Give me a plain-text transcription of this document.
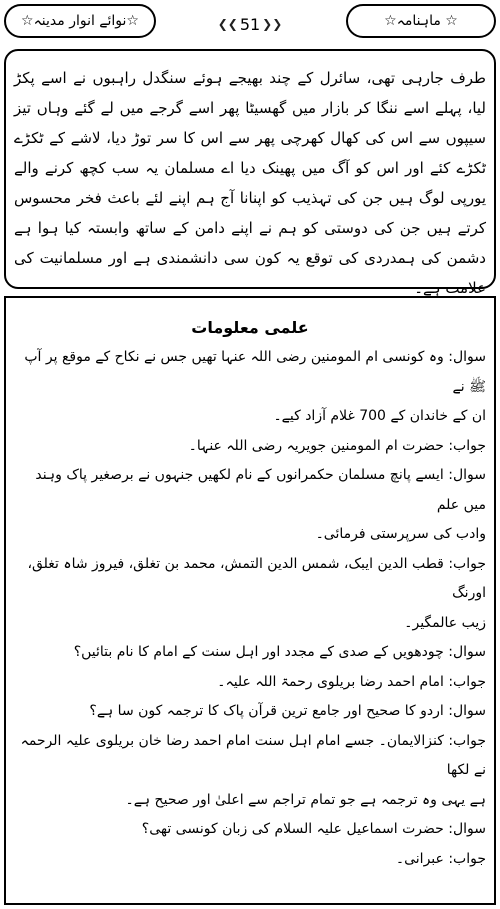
☆نوائے انوار مدینہ☆	❮❮ 51 ❯❯	☆ ماہنامہ☆

طرف جارہی تھی، سائرل کے چند بھیجے ہوئے سنگدل راہبوں نے اسے پکڑ لیا، پہلے اسے ننگا کر بازار میں گھسیٹا پھر اسے گرجے میں لے گئے وہاں تیز سیپوں سے اس کی کھال کھرچی پھر سے اس کا سر توڑ دیا، لاشے کے ٹکڑے ٹکڑے کئے اور اس کو آگ میں پھینک دیا اے مسلمان یہ سب کچھ کرنے والے یورپی لوگ ہیں جن کی تہذیب کو اپنانا آج ہم اپنے لئے باعث فخر محسوس کرتے ہیں جن کی دوستی کو ہم نے اپنے دامن کے ساتھ وابستہ کیا ہوا ہے دشمن کی ہمدردی کی توقع یہ کون سی دانشمندی ہے اور مسلمانیت کی علامت ہے۔

علمی معلومات

سوال: وہ کونسی ام المومنین رضی اللہ عنہا تھیں جس نے نکاح کے موقع پر آپ ﷺ نے

ان کے خاندان کے 700 غلام آزاد کیے۔

جواب: حضرت ام المومنین جویریہ رضی اللہ عنہا۔

سوال: ایسے پانچ مسلمان حکمرانوں کے نام لکھیں جنہوں نے برصغیر پاک وہند میں علم

وادب کی سرپرستی فرمائی۔

جواب: قطب الدین ایبک، شمس الدین التمش، محمد بن تغلق، فیروز شاہ تغلق، اورنگ

زیب عالمگیر۔

سوال: چودھویں کے صدی کے مجدد اور اہل سنت کے امام کا نام بتائیں؟

جواب: امام احمد رضا بریلوی رحمۃ اللہ علیہ۔

سوال: اردو کا صحیح اور جامع ترین قرآن پاک کا ترجمہ کون سا ہے؟

جواب: کنزالایمان۔ جسے امام اہل سنت امام احمد رضا خان بریلوی علیہ الرحمہ نے لکھا

ہے یہی وہ ترجمہ ہے جو تمام تراجم سے اعلیٰ اور صحیح ہے۔

سوال: حضرت اسماعیل علیہ السلام کی زبان کونسی تھی؟

جواب: عبرانی۔
